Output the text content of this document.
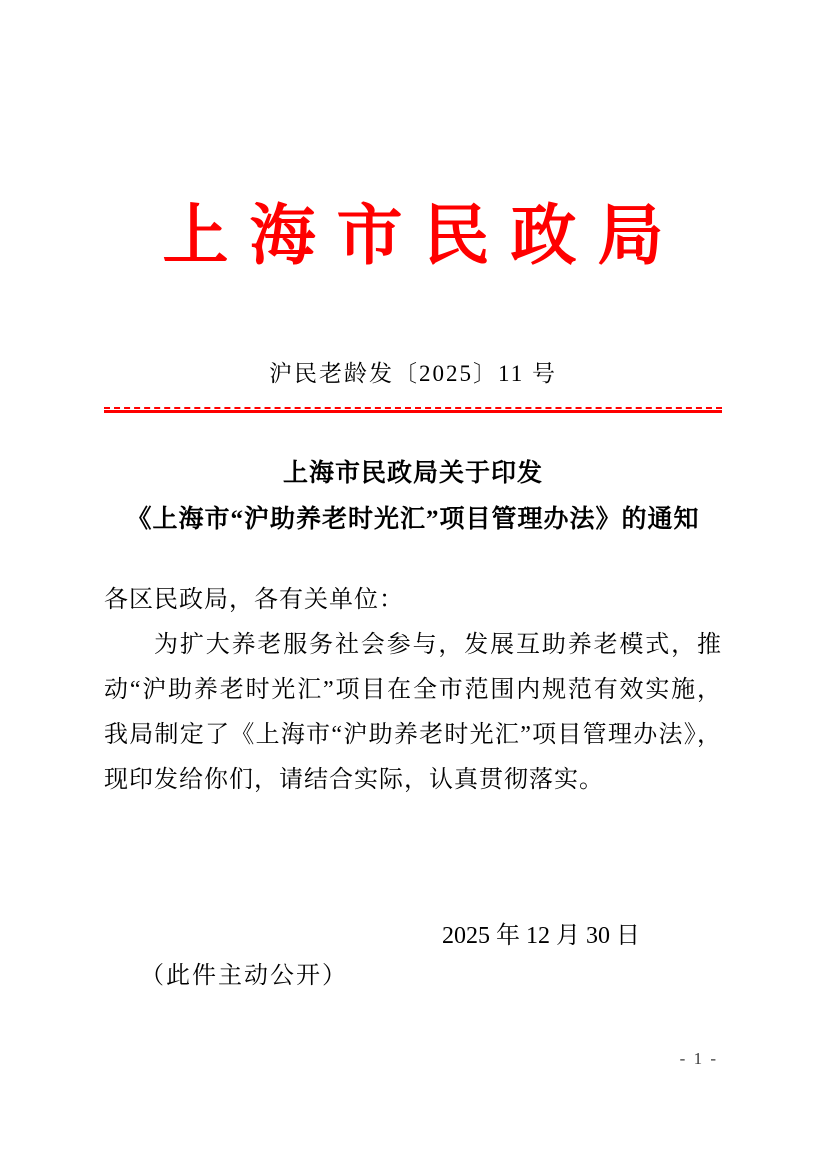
上海市民政局
沪民老龄发〔2025〕11 号
上海市民政局关于印发
《上海市“沪助养老时光汇”项目管理办法》的通知

各区民政局，各有关单位：

为扩大养老服务社会参与，发展互助养老模式，推动“沪助养老时光汇”项目在全市范围内规范有效实施，我局制定了《上海市“沪助养老时光汇”项目管理办法》，现印发给你们，请结合实际，认真贯彻落实。

2025 年 12 月 30 日
（此件主动公开）
- 1 -
